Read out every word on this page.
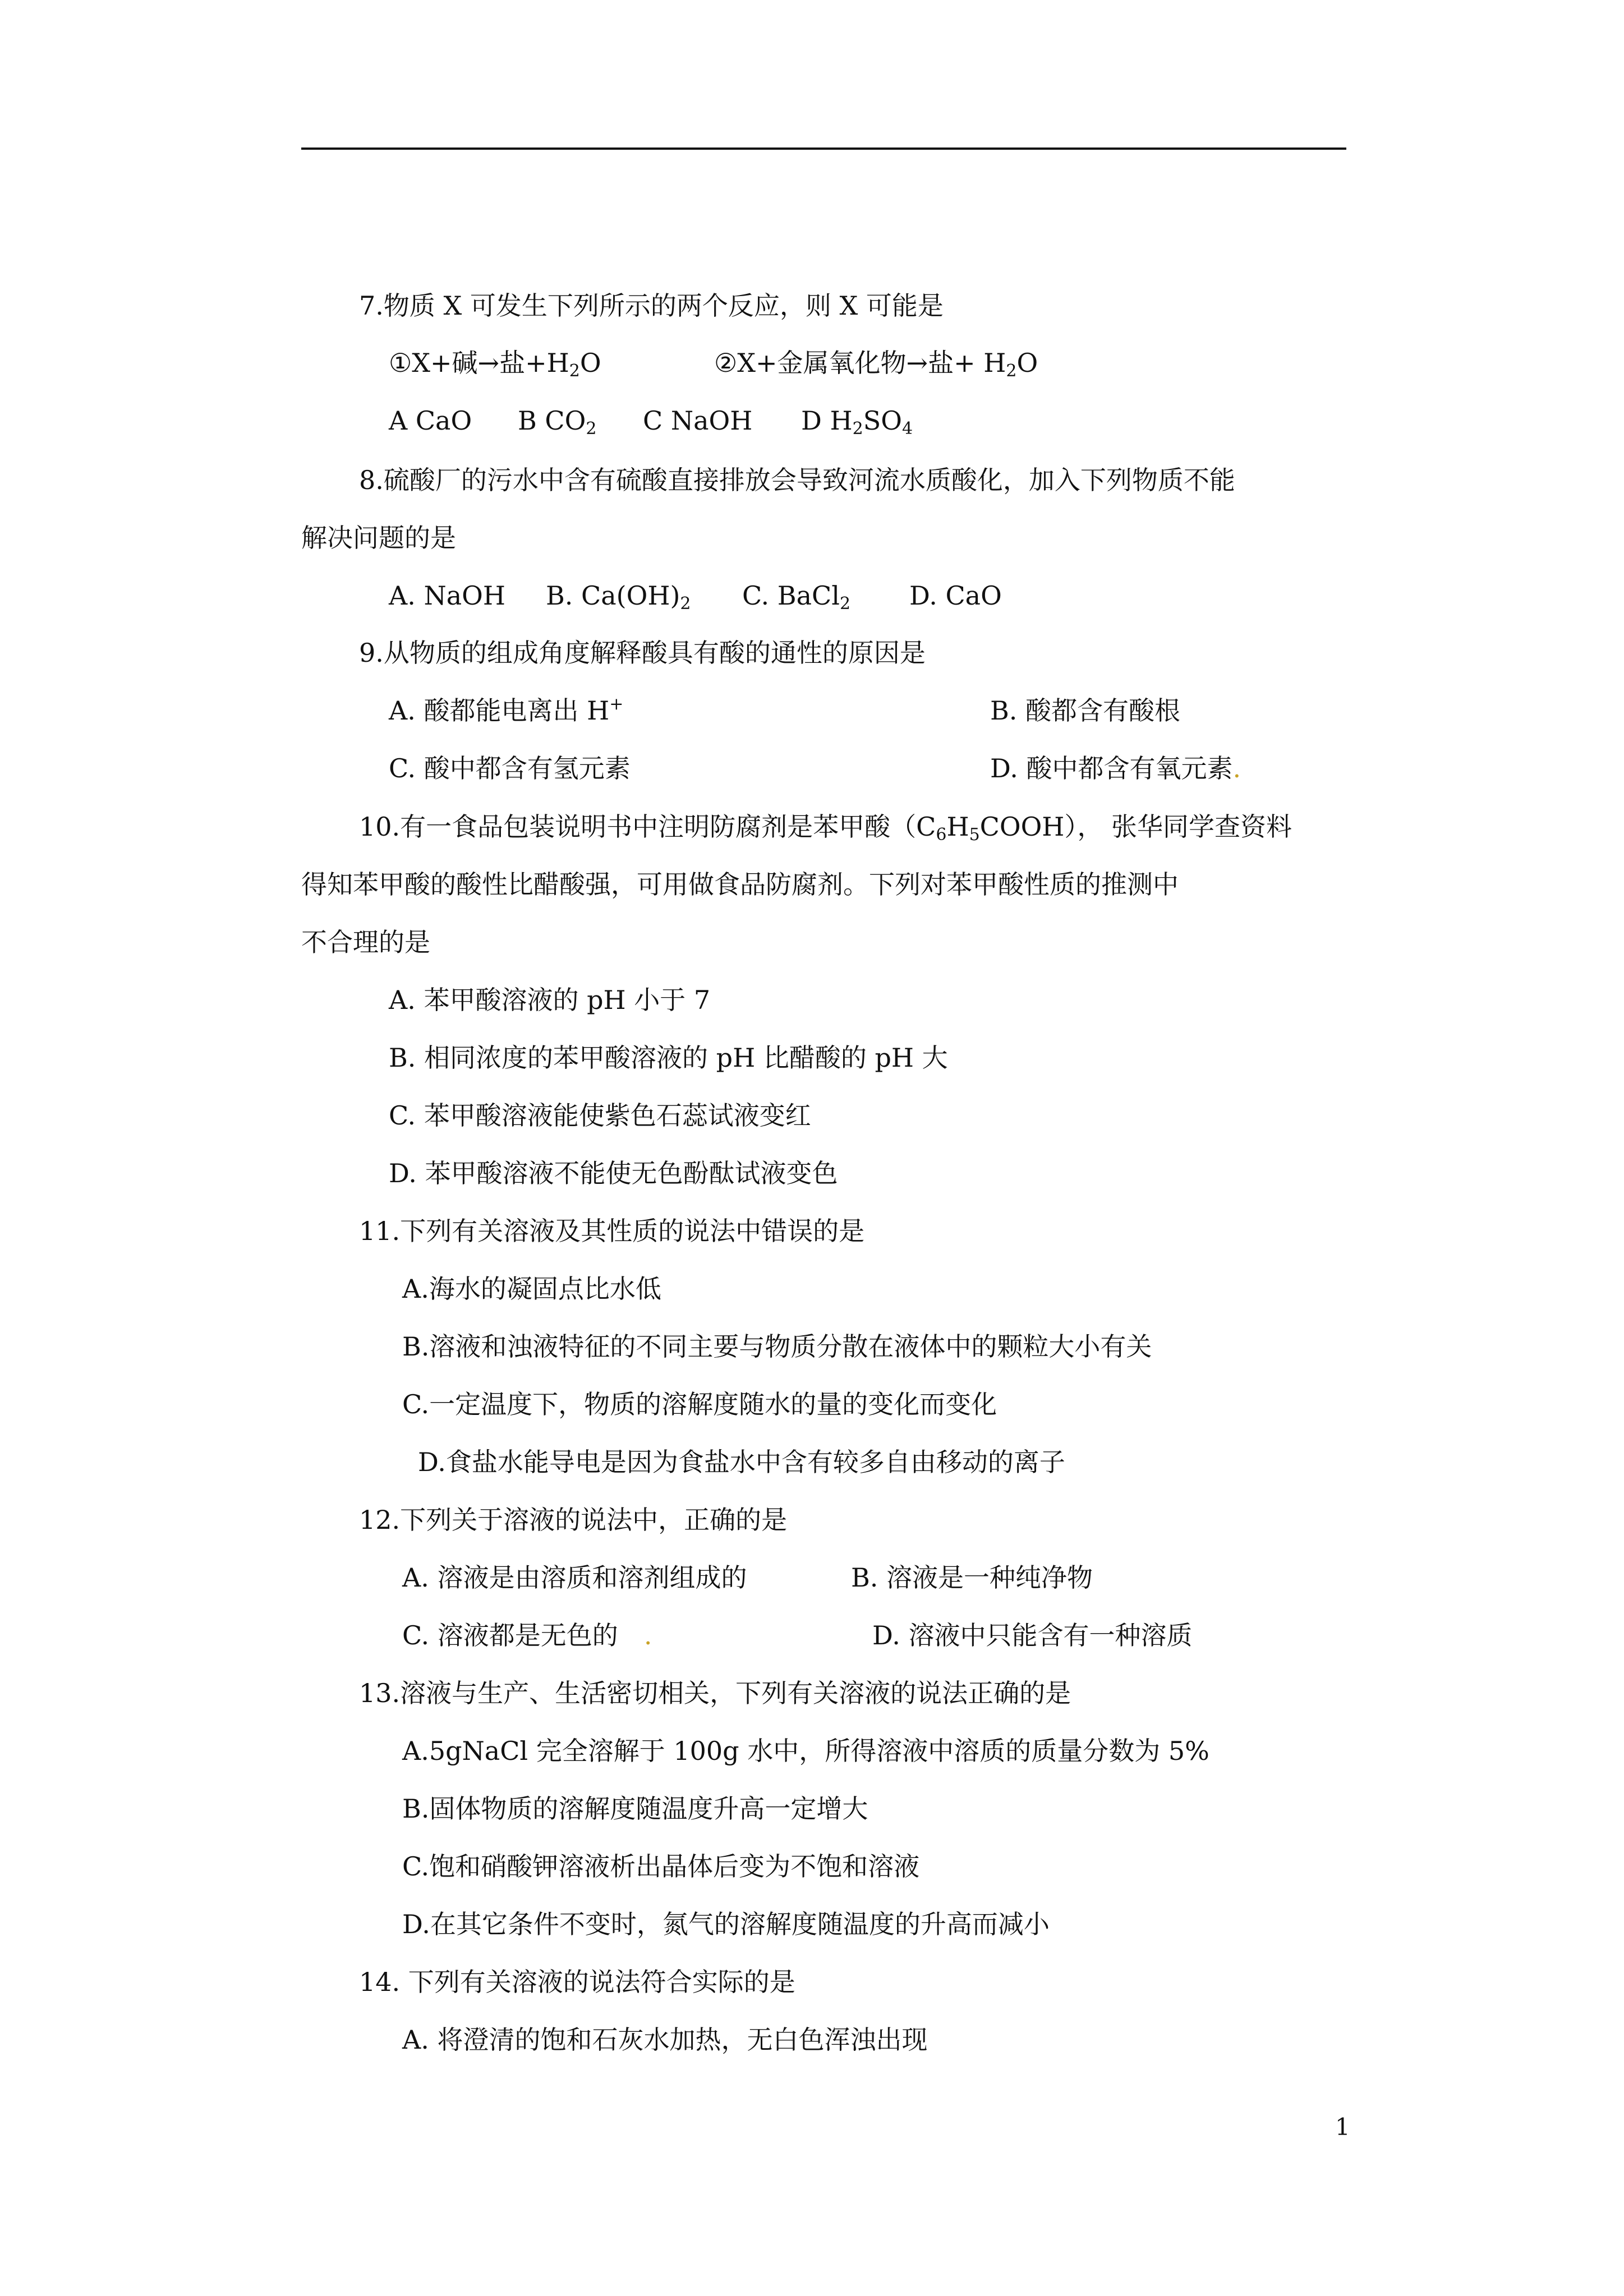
7.物质 X 可发生下列所示的两个反应，则 X 可能是

①X+碱→盐$+H_2O$

	②X+金属氧化物→盐+ $H_2O$

A CaO

B $CO_2$

C NaOH

D $H_2SO_4$

8.硫酸厂的污水中含有硫酸直接排放会导致河流水质酸化，加入下列物质不能
解决问题的是

A. NaOH

B. $Ca(OH)_2$

C. BaCl$_2$

D. CaO

9.从物质的组成角度解释酸具有酸的通性的原因是

A. 酸都能电离出 H+

	B. 酸都含有酸根

C. 酸中都含有氢元素

	D. 酸中都含有氧元素.

10.有一食品包装说明书中注明防腐剂是苯甲酸$(C_6H_5COOH)$， 张华同学查资料
得知苯甲酸的酸性比醋酸强，可用做食品防腐剂。下列对苯甲酸性质的推测中
不合理的是
A. 苯甲酸溶液的 pH 小于 7
B. 相同浓度的苯甲酸溶液的 pH 比醋酸的 pH 大
C. 苯甲酸溶液能使紫色石蕊试液变红
D. 苯甲酸溶液不能使无色酚酞试液变色
11.下列有关溶液及其性质的说法中错误的是
A.海水的凝固点比水低
B.溶液和浊液特征的不同主要与物质分散在液体中的颗粒大小有关
C.一定温度下，物质的溶解度随水的量的变化而变化
D.食盐水能导电是因为食盐水中含有较多自由移动的离子
12.下列关于溶液的说法中，正确的是

A. 溶液是由溶质和溶剂组成的

	B. 溶液是一种纯净物

C. 溶液都是无色的 .

	D. 溶液中只能含有一种溶质

13.溶液与生产、生活密切相关，下列有关溶液的说法正确的是
A.5gNaCl 完全溶解于 100g 水中，所得溶液中溶质的质量分数为 5%
B.固体物质的溶解度随温度升高一定增大
C.饱和硝酸钾溶液析出晶体后变为不饱和溶液
D.在其它条件不变时，氮气的溶解度随温度的升高而减小
14. 下列有关溶液的说法符合实际的是
A. 将澄清的饱和石灰水加热，无白色浑浊出现
1
